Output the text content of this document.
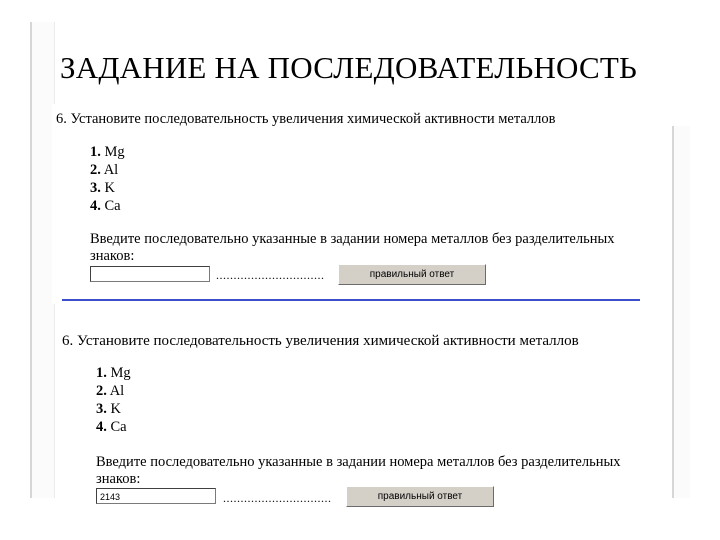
ЗАДАНИЕ НА ПОСЛЕДОВАТЕЛЬНОСТЬ
6. Установите последовательность увеличения химической активности металлов
1. Mg
2. Al
3. K
4. Ca
Введите последовательно указанные в задании номера металлов без разделительных знаков:
...............................	правильный ответ
6. Установите последовательность увеличения химической активности металлов
1. Mg
2. Al
3. K
4. Ca
Введите последовательно указанные в задании номера металлов без разделительных знаков:
2143	...............................	правильный ответ
